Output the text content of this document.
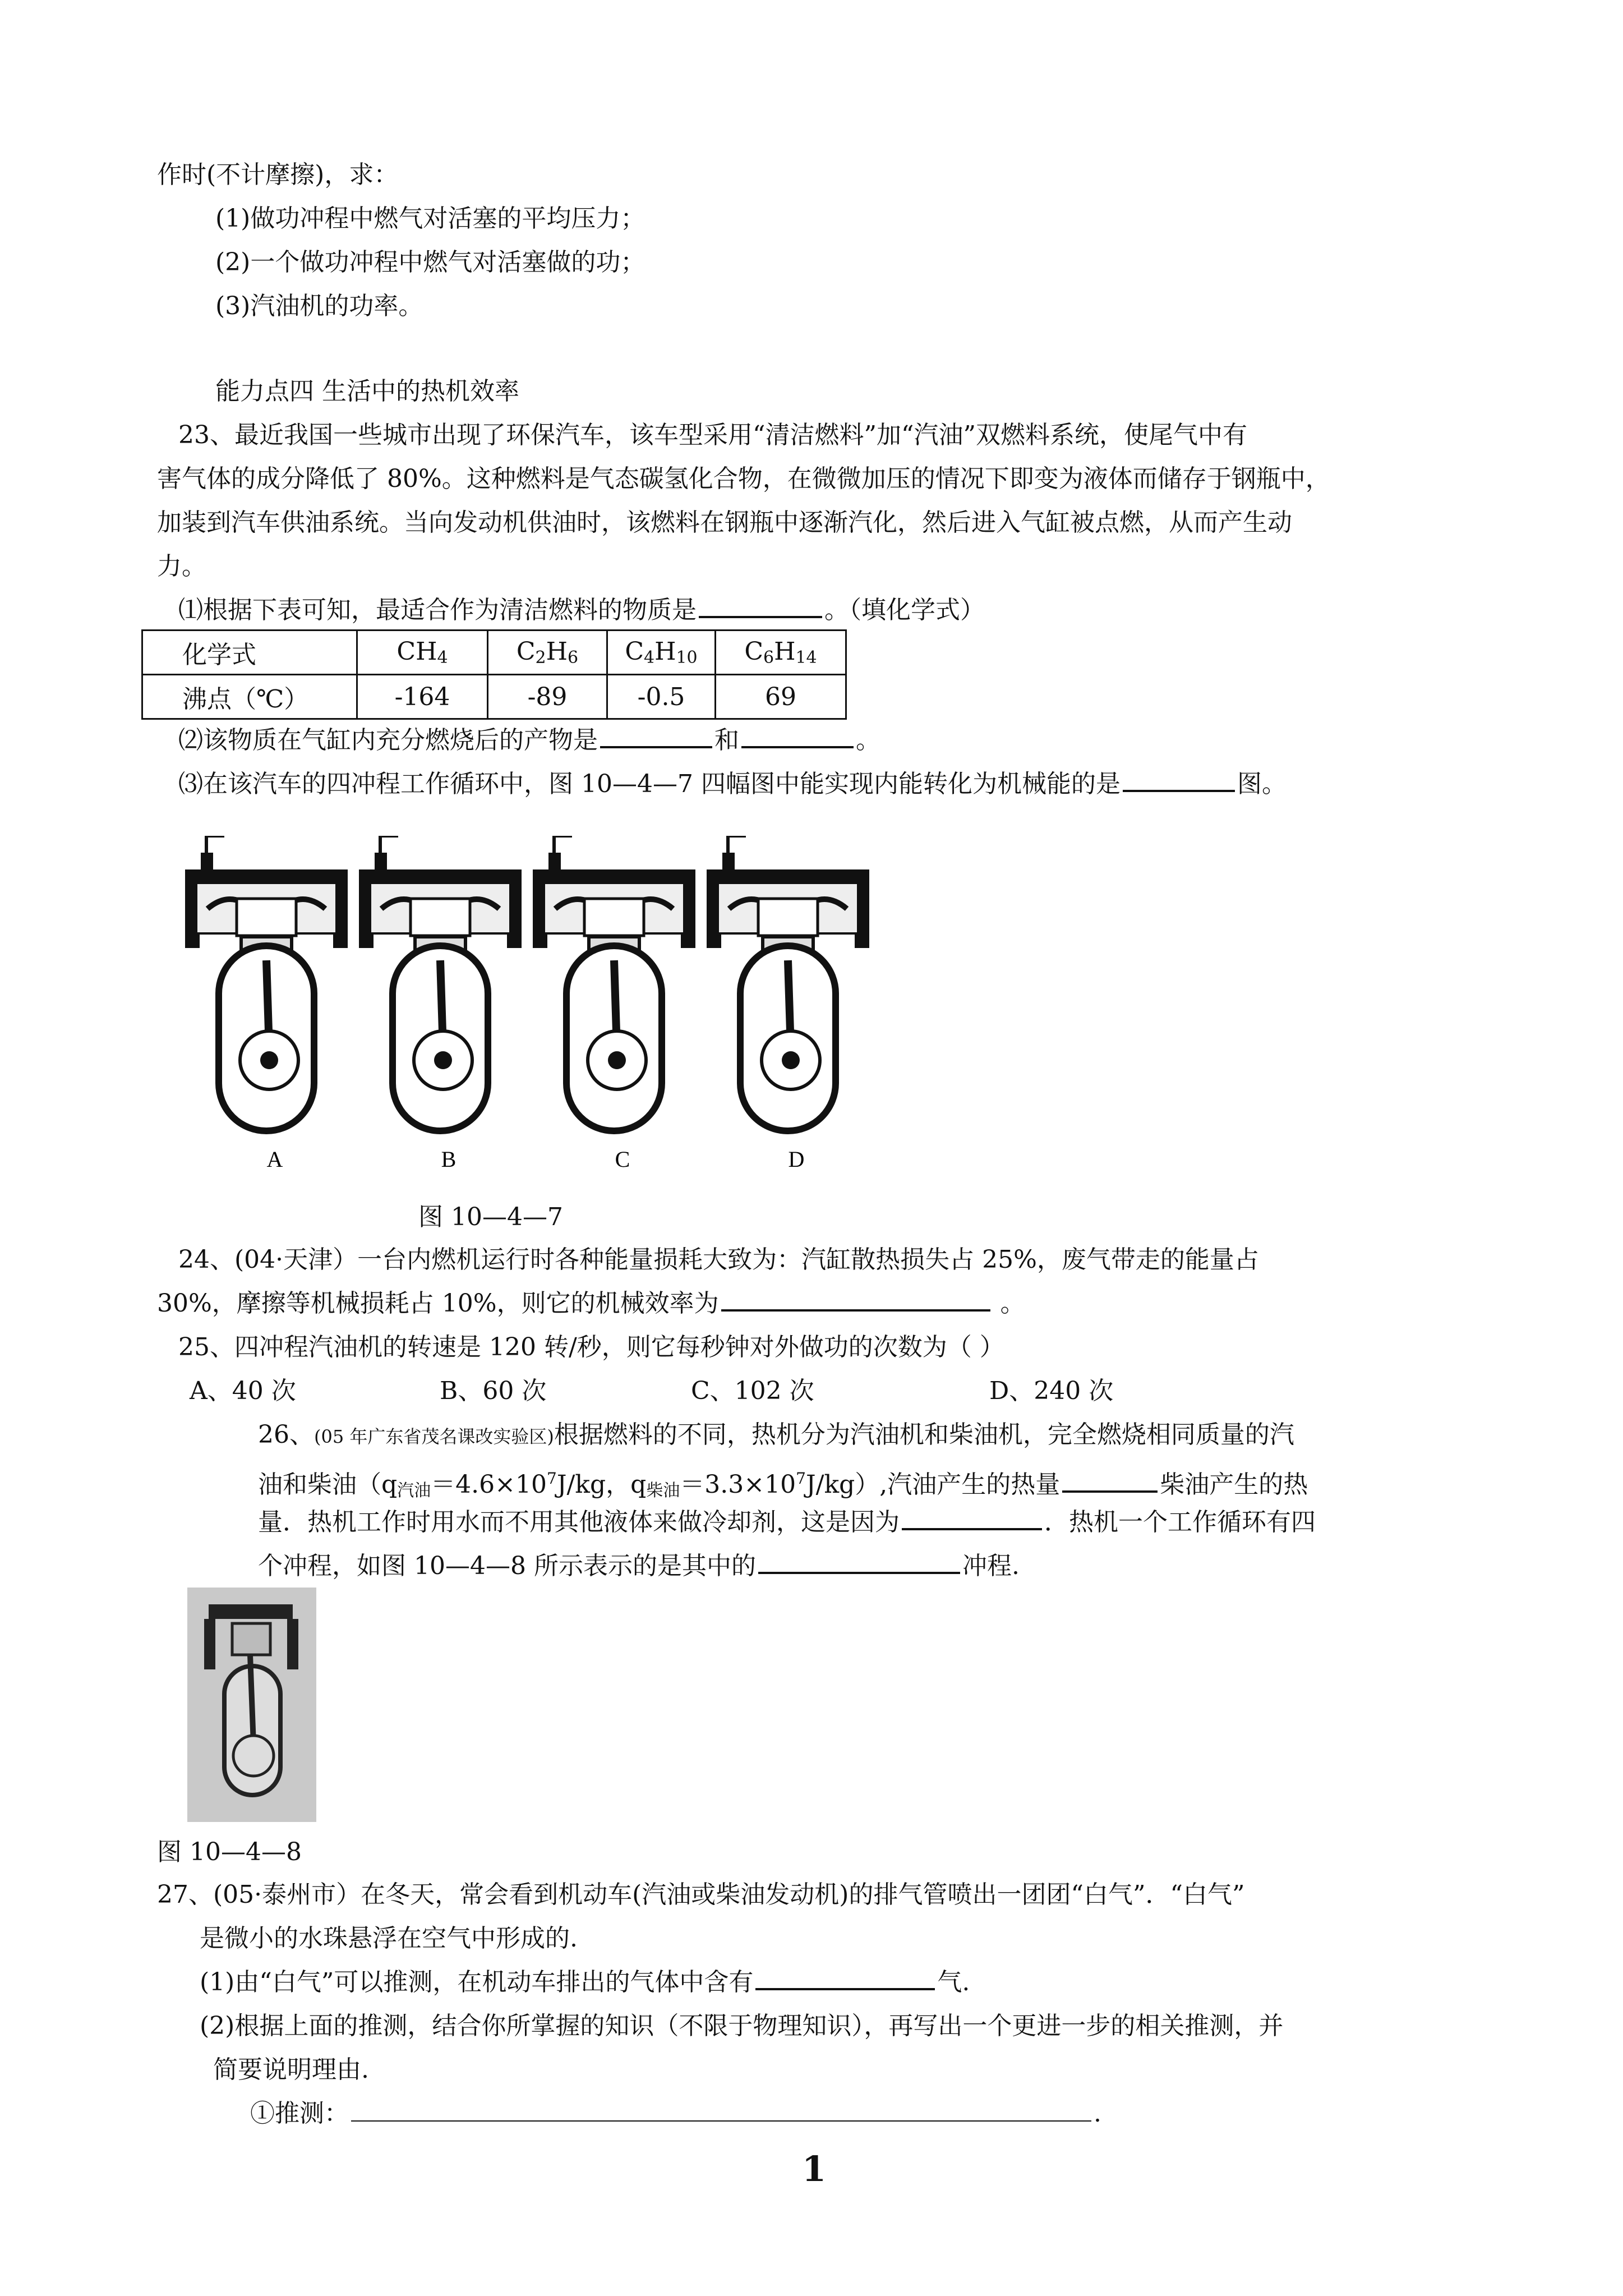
作时(不计摩擦)，求：
(1)做功冲程中燃气对活塞的平均压力；
(2)一个做功冲程中燃气对活塞做的功；
(3)汽油机的功率。
能力点四 生活中的热机效率
23、最近我国一些城市出现了环保汽车，该车型采用“清洁燃料”加“汽油”双燃料系统，使尾气中有
害气体的成分降低了 80%。这种燃料是气态碳氢化合物，在微微加压的情况下即变为液体而储存于钢瓶中，
加装到汽车供油系统。当向发动机供油时，该燃料在钢瓶中逐渐汽化，然后进入气缸被点燃，从而产生动
力。
⑴根据下表可知，最适合作为清洁燃料的物质是	。（填化学式）
化学式	$CH_4$	$C_2H_6$	$C_4H_{10}$	$C_6H_{14}$
沸点（℃）	-164	-89	-0.5	69
⑵该物质在气缸内充分燃烧后的产物是	和	。
⑶在该汽车的四冲程工作循环中，图 10—4—7 四幅图中能实现内能转化为机械能的是	图。
A	B	C	D
图 10—4—7
24、(04·天津）一台内燃机运行时各种能量损耗大致为：汽缸散热损失占 25%，废气带走的能量占
30%，摩擦等机械损耗占 10%，则它的机械效率为	。
25、四冲程汽油机的转速是 120 转/秒，则它每秒钟对外做功的次数为（ ）
A、40 次	B、60 次	C、102 次	D、240 次
26、(05 年广东省茂名课改实验区)根据燃料的不同，热机分为汽油机和柴油机，完全燃烧相同质量的汽
油和柴油（$q_{汽油}=4.6\times 10^7J/kg$，$q_{柴油}=3.3\times 10^7J/kg$）,汽油产生的热量	柴油产生的热
量．热机工作时用水而不用其他液体来做冷却剂，这是因为	．热机一个工作循环有四
个冲程，如图 10—4—8 所示表示的是其中的	冲程.
图 10—4—8
27、(05·泰州市）在冬天，常会看到机动车(汽油或柴油发动机)的排气管喷出一团团“白气”．“白气”
是微小的水珠悬浮在空气中形成的.
(1)由“白气”可以推测，在机动车排出的气体中含有	气.
(2)根据上面的推测，结合你所掌握的知识（不限于物理知识），再写出一个更进一步的相关推测，并
简要说明理由.
①推测：	.
1
